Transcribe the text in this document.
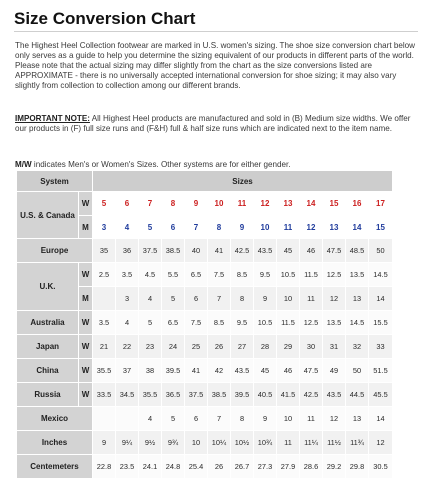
Size Conversion Chart
The Highest Heel Collection footwear are marked in U.S. women's sizing. The shoe size conversion chart below only serves as a guide to help you determine the sizing equivalent of our products in different parts of the world. Please note that the actual sizing may differ slightly from the chart as the size conversions listed are APPROXIMATE - there is no universally accepted international conversion for shoe sizing; it may also vary slightly from collection to collection among our different brands.
IMPORTANT NOTE: All Highest Heel products are manufactured and sold in (B) Medium size widths. We offer our products in (F) full size runs and (F&H) full & half size runs which are indicated next to the item name.
M/W indicates Men's or Women's Sizes. Other systems are for either gender.
System		Sizes												
U.S. & Canada	W	5	6	7	8	9	10	11	12	13	14	15	16	17
	M	3	4	5	6	7	8	9	10	11	12	13	14	15
Europe		35	36	37.5	38.5	40	41	42.5	43.5	45	46	47.5	48.5	50
U.K.	W	2.5	3.5	4.5	5.5	6.5	7.5	8.5	9.5	10.5	11.5	12.5	13.5	14.5
	M		3	4	5	6	7	8	9	10	11	12	13	14
Australia	W	3.5	4	5	6.5	7.5	8.5	9.5	10.5	11.5	12.5	13.5	14.5	15.5
Japan	W	21	22	23	24	25	26	27	28	29	30	31	32	33
China	W	35.5	37	38	39.5	41	42	43.5	45	46	47.5	49	50	51.5
Russia	W	33.5	34.5	35.5	36.5	37.5	38.5	39.5	40.5	41.5	42.5	43.5	44.5	45.5
Mexico				4	5	6	7	8	9	10	11	12	13	14
Inches		9	9¼	9½	9¾	10	10¼	10½	10¾	11	11¼	11½	11¾	12
Centemeters		22.8	23.5	24.1	24.8	25.4	26	26.7	27.3	27.9	28.6	29.2	29.8	30.5
